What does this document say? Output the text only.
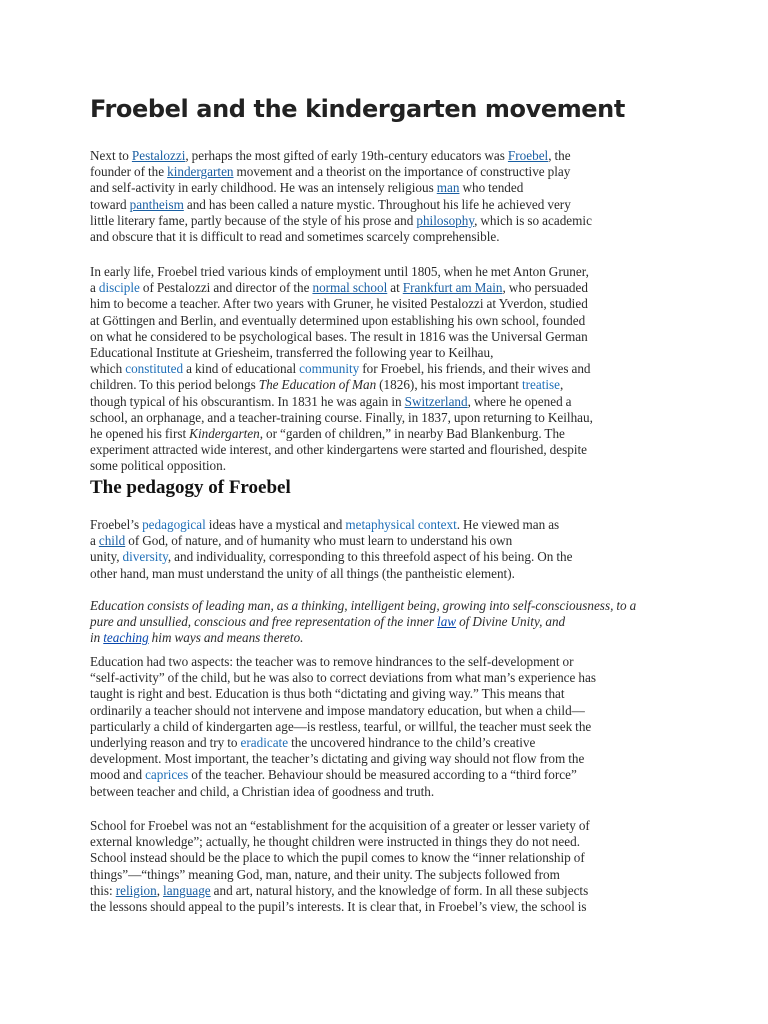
Froebel and the kindergarten movement
Next to Pestalozzi, perhaps the most gifted of early 19th-century educators was Froebel, the
founder of the kindergarten movement and a theorist on the importance of constructive play
and self-activity in early childhood. He was an intensely religious man who tended
toward pantheism and has been called a nature mystic. Throughout his life he achieved very
little literary fame, partly because of the style of his prose and philosophy, which is so academic
and obscure that it is difficult to read and sometimes scarcely comprehensible.
In early life, Froebel tried various kinds of employment until 1805, when he met Anton Gruner,
a disciple of Pestalozzi and director of the normal school at Frankfurt am Main, who persuaded
him to become a teacher. After two years with Gruner, he visited Pestalozzi at Yverdon, studied
at Göttingen and Berlin, and eventually determined upon establishing his own school, founded
on what he considered to be psychological bases. The result in 1816 was the Universal German
Educational Institute at Griesheim, transferred the following year to Keilhau,
which constituted a kind of educational community for Froebel, his friends, and their wives and
children. To this period belongs The Education of Man (1826), his most important treatise,
though typical of his obscurantism. In 1831 he was again in Switzerland, where he opened a
school, an orphanage, and a teacher-training course. Finally, in 1837, upon returning to Keilhau,
he opened his first Kindergarten, or “garden of children,” in nearby Bad Blankenburg. The
experiment attracted wide interest, and other kindergartens were started and flourished, despite
some political opposition.
The pedagogy of Froebel
Froebel’s pedagogical ideas have a mystical and metaphysical context. He viewed man as
a child of God, of nature, and of humanity who must learn to understand his own
unity, diversity, and individuality, corresponding to this threefold aspect of his being. On the
other hand, man must understand the unity of all things (the pantheistic element).
Education consists of leading man, as a thinking, intelligent being, growing into self-consciousness, to a
pure and unsullied, conscious and free representation of the inner law of Divine Unity, and
in teaching him ways and means thereto.
Education had two aspects: the teacher was to remove hindrances to the self-development or
“self-activity” of the child, but he was also to correct deviations from what man’s experience has
taught is right and best. Education is thus both “dictating and giving way.” This means that
ordinarily a teacher should not intervene and impose mandatory education, but when a child—
particularly a child of kindergarten age—is restless, tearful, or willful, the teacher must seek the
underlying reason and try to eradicate the uncovered hindrance to the child’s creative
development. Most important, the teacher’s dictating and giving way should not flow from the
mood and caprices of the teacher. Behaviour should be measured according to a “third force”
between teacher and child, a Christian idea of goodness and truth.
School for Froebel was not an “establishment for the acquisition of a greater or lesser variety of
external knowledge”; actually, he thought children were instructed in things they do not need.
School instead should be the place to which the pupil comes to know the “inner relationship of
things”—“things” meaning God, man, nature, and their unity. The subjects followed from
this: religion, language and art, natural history, and the knowledge of form. In all these subjects
the lessons should appeal to the pupil’s interests. It is clear that, in Froebel’s view, the school is
